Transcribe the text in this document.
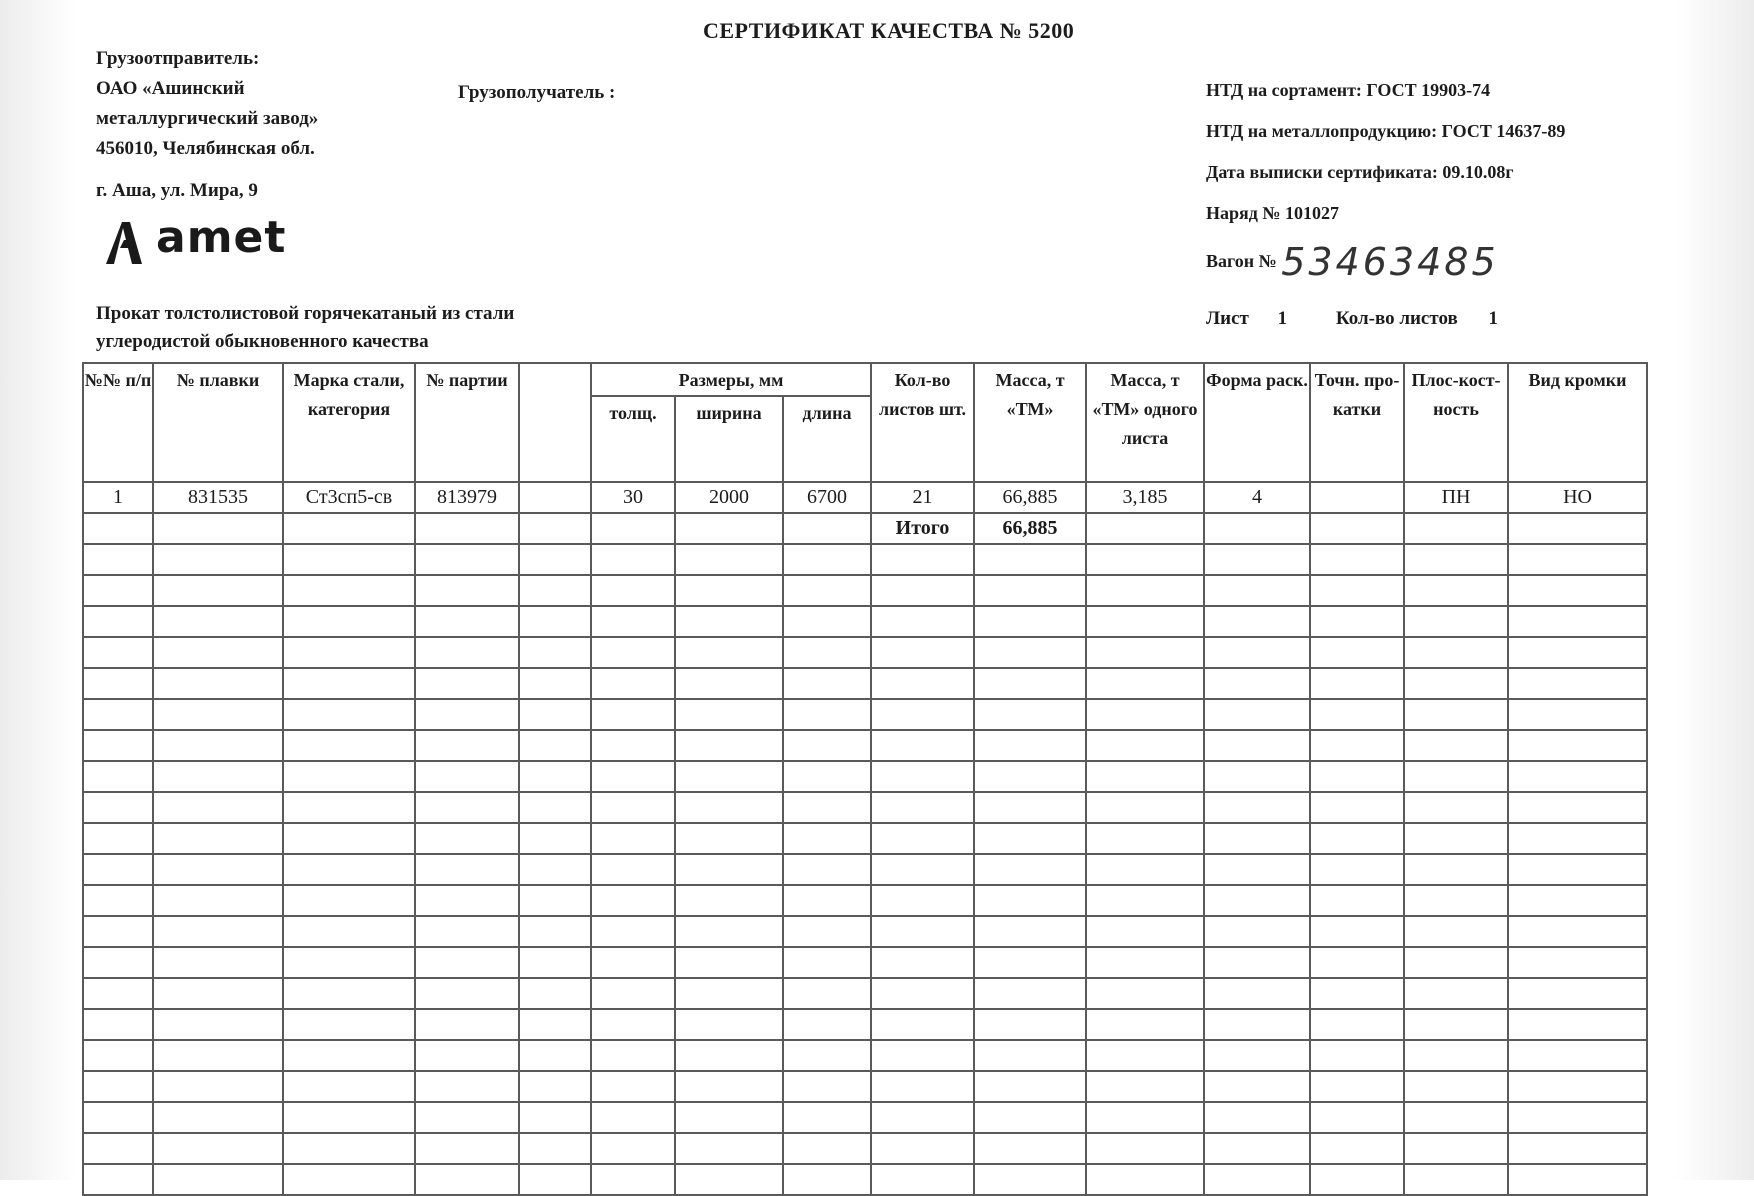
СЕРТИФИКАТ КАЧЕСТВА № 5200
Грузоотправитель:
ОАО «Ашинский
металлургический завод»
456010, Челябинская обл.
г. Аша, ул. Мира, 9
Грузополучатель :	НТД на сортамент: ГОСТ 19903-74
НТД на металлопродукцию: ГОСТ 14637-89
Дата выписки сертификата: 09.10.08г
Наряд № 101027
Вагон № 53463485
amet
Прокат толстолистовой горячекатаный из стали
углеродистой обыкновенного качества
Лист 1	Кол-во листов 1
№№ п/п	№ плавки	Марка стали, категория	№ партии		Размеры, мм			Кол-во листов шт.	Масса, т «ТМ»	Масса, т «ТМ» одного листа	Форма раск.	Точн. про-катки	Плос-кост-ность	Вид кромки
					толщ.	ширина	длина							
1	831535	Ст3сп5-св	813979		30	2000	6700	21	66,885	3,185	4		ПН	НО
								Итого	66,885					
